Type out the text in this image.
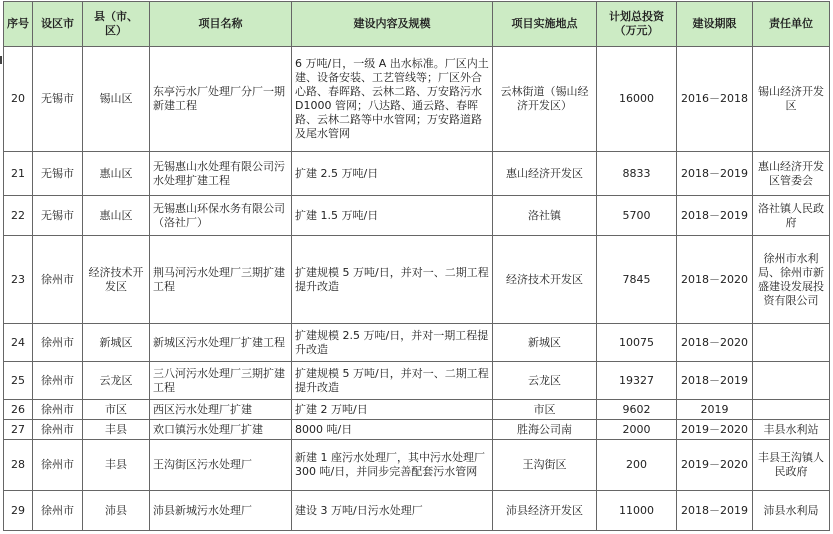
序号	设区市	县（市、区）	项目名称	建设内容及规模	项目实施地点	计划总投资（万元）	建设期限	责任单位
20	无锡市	锡山区	东亭污水厂处理厂分厂一期新建工程	6 万吨/日，一级 A 出水标准。厂区内土建、设备安装、工艺管线等；厂区外合心路、春晖路、云林二路、万安路污水 D1000 管网；八达路、通云路、春晖路、云林二路等中水管网；万安路道路及尾水管网	云林街道（锡山经济开发区）	16000	2016－2018	锡山经济开发区
21	无锡市	惠山区	无锡惠山水处理有限公司污水处理扩建工程	扩建 2.5 万吨/日	惠山经济开发区	8833	2018－2019	惠山经济开发区管委会
22	无锡市	惠山区	无锡惠山环保水务有限公司（洛社厂）	扩建 1.5 万吨/日	洛社镇	5700	2018－2019	洛社镇人民政府
23	徐州市	经济技术开发区	荆马河污水处理厂三期扩建工程	扩建规模 5 万吨/日，并对一、二期工程提升改造	经济技术开发区	7845	2018－2020	徐州市水利局、徐州市新盛建设发展投资有限公司
24	徐州市	新城区	新城区污水处理厂扩建工程	扩建规模 2.5 万吨/日，并对一期工程提升改造	新城区	10075	2018－2020	
25	徐州市	云龙区	三八河污水处理厂三期扩建工程	扩建规模 5 万吨/日，并对一、二期工程提升改造	云龙区	19327	2018－2019	
26	徐州市	市区	西区污水处理厂扩建	扩建 2 万吨/日	市区	9602	2019	
27	徐州市	丰县	欢口镇污水处理厂扩建	8000 吨/日	胜海公司南	2000	2019－2020	丰县水利站
28	徐州市	丰县	王沟街区污水处理厂	新建 1 座污水处理厂，其中污水处理厂 300 吨/日，并同步完善配套污水管网	王沟街区	200	2019－2020	丰县王沟镇人民政府
29	徐州市	沛县	沛县新城污水处理厂	建设 3 万吨/日污水处理厂	沛县经济开发区	11000	2018－2019	沛县水利局
